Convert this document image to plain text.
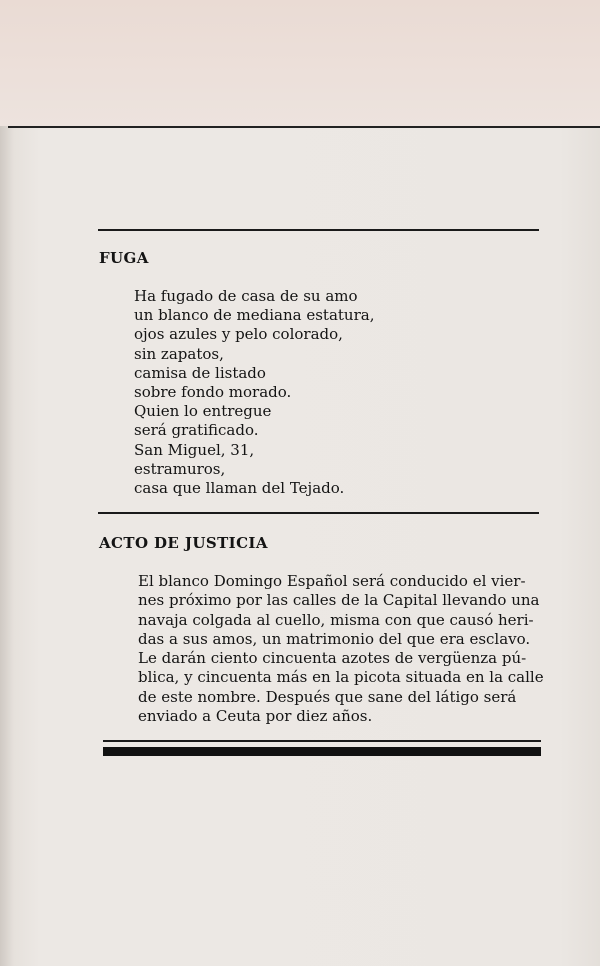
FUGA
Ha fugado de casa de su amo
un blanco de mediana estatura,
ojos azules y pelo colorado,
sin zapatos,
camisa de listado
sobre fondo morado.
Quien lo entregue
será gratificado.
San Miguel, 31,
estramuros,
casa que llaman del Tejado.
ACTO DE JUSTICIA
El blanco Domingo Español será conducido el vier-
nes próximo por las calles de la Capital llevando una
navaja colgada al cuello, misma con que causó heri-
das a sus amos, un matrimonio del que era esclavo.
Le darán ciento cincuenta azotes de vergüenza pú-
blica, y cincuenta más en la picota situada en la calle
de este nombre. Después que sane del látigo será
enviado a Ceuta por diez años.
